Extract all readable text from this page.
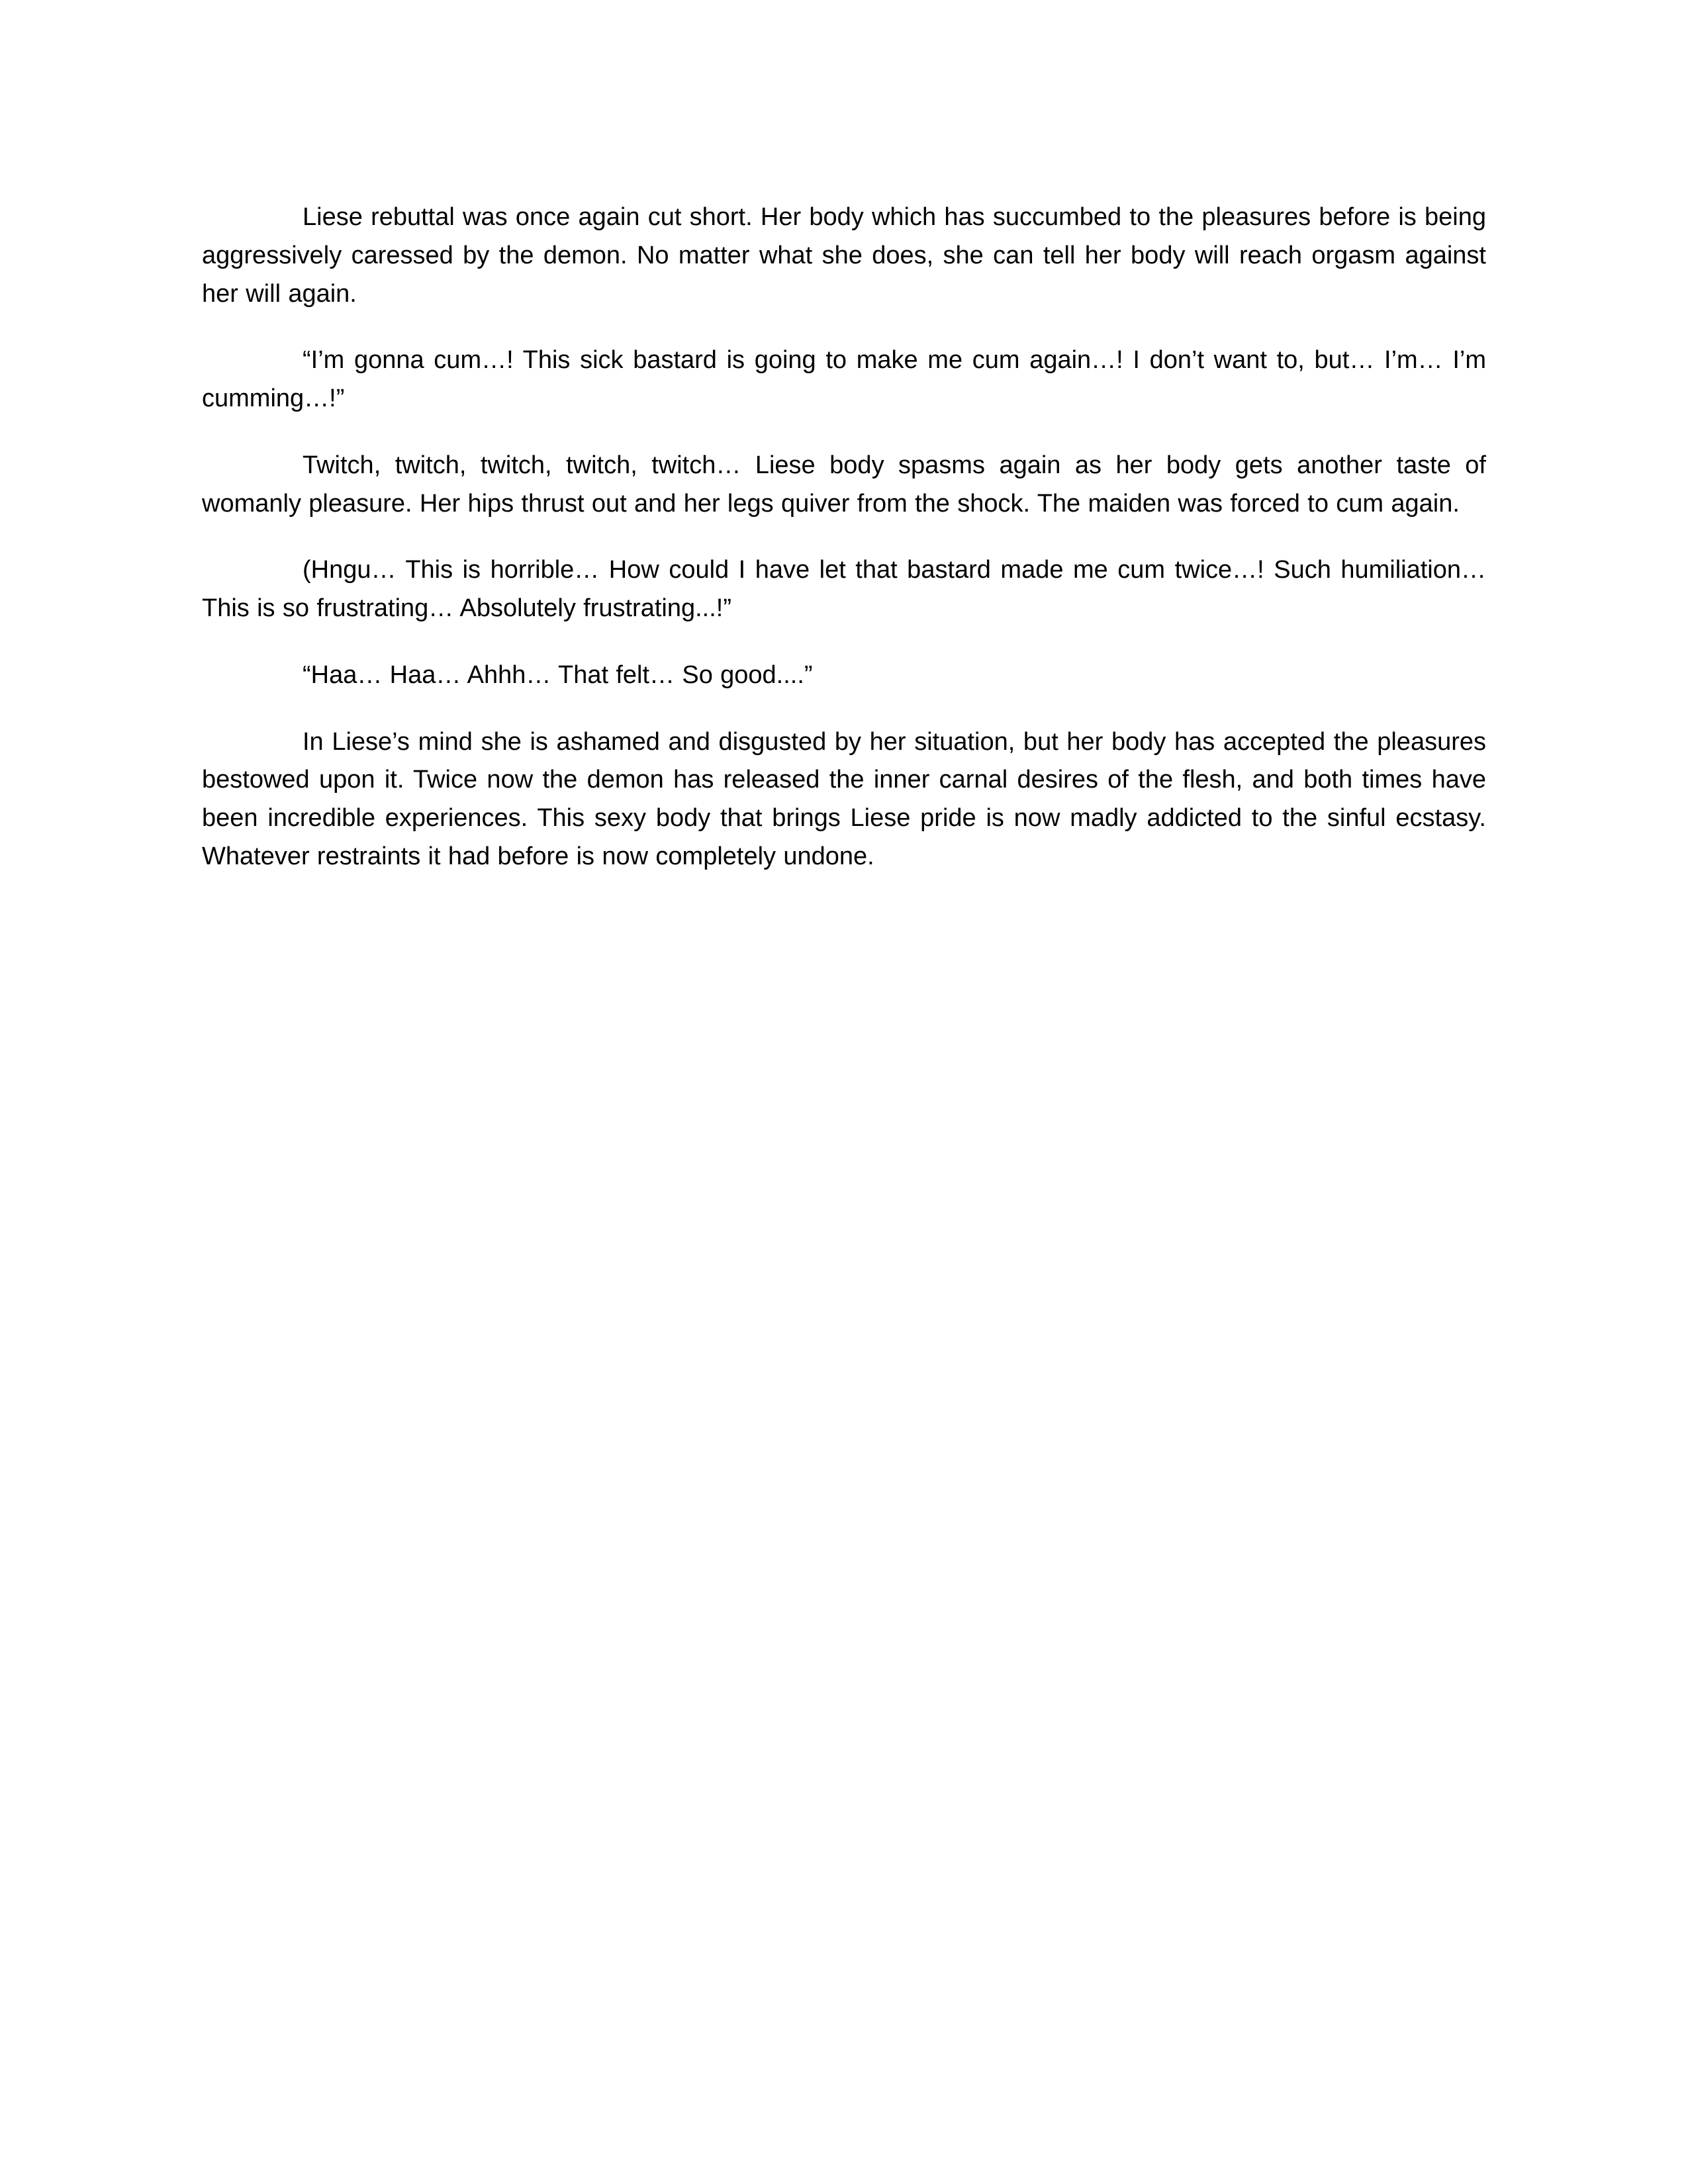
Liese rebuttal was once again cut short. Her body which has succumbed to the pleasures before is being aggressively caressed by the demon. No matter what she does, she can tell her body will reach orgasm against her will again.

“I’m gonna cum…! This sick bastard is going to make me cum again…! I don’t want to, but… I’m… I’m cumming…!”

Twitch, twitch, twitch, twitch, twitch… Liese body spasms again as her body gets another taste of womanly pleasure. Her hips thrust out and her legs quiver from the shock. The maiden was forced to cum again.

(Hngu… This is horrible… How could I have let that bastard made me cum twice…! Such humiliation… This is so frustrating… Absolutely frustrating...!”

“Haa… Haa… Ahhh… That felt… So good....”

In Liese’s mind she is ashamed and disgusted by her situation, but her body has accepted the pleasures bestowed upon it. Twice now the demon has released the inner carnal desires of the flesh, and both times have been incredible experiences. This sexy body that brings Liese pride is now madly addicted to the sinful ecstasy. Whatever restraints it had before is now completely undone.
